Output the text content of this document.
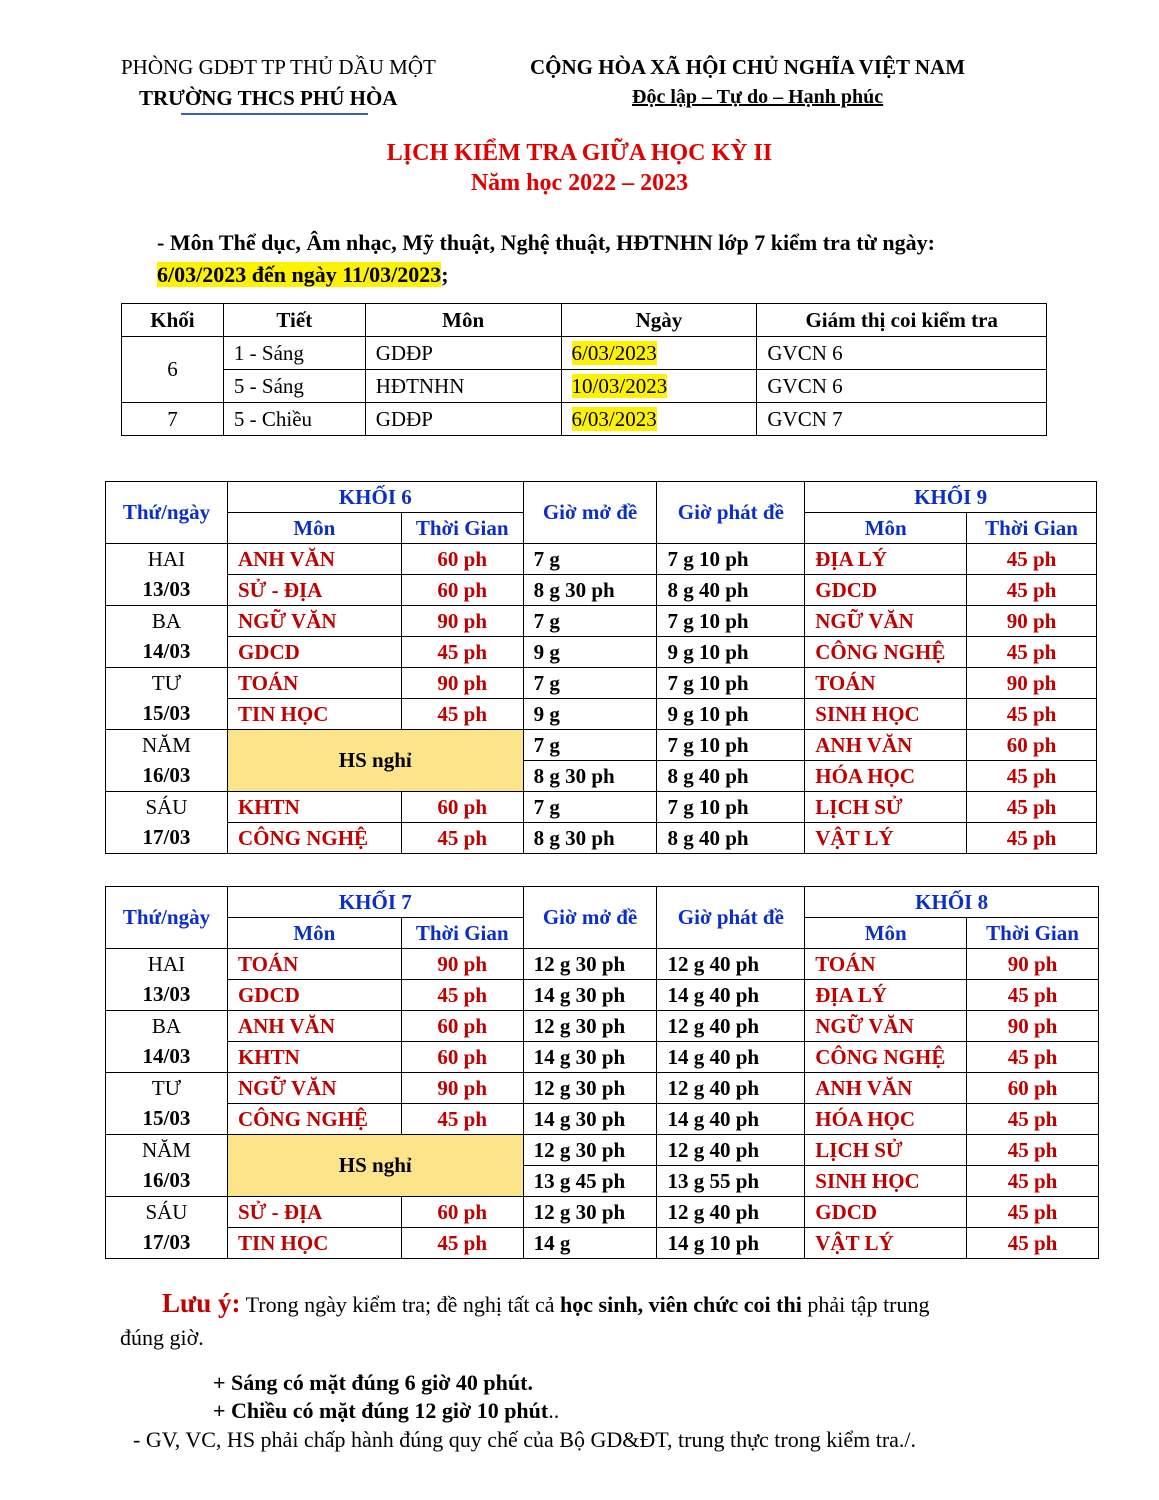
PHÒNG GDĐT TP THỦ DẦU MỘT
TRƯỜNG THCS PHÚ HÒA
CỘNG HÒA XÃ HỘI CHỦ NGHĨA VIỆT NAM
Độc lập – Tự do – Hạnh phúc
LỊCH KIỂM TRA GIỮA HỌC KỲ II
Năm học 2022 – 2023
- Môn Thể dục, Âm nhạc, Mỹ thuật, Nghệ thuật, HĐTNHN lớp 7 kiểm tra từ ngày:
6/03/2023 đến ngày 11/03/2023;
Khối	Tiết	Môn	Ngày	Giám thị coi kiểm tra
6	1 - Sáng	GDĐP	6/03/2023	GVCN 6
	5 - Sáng	HĐTNHN	10/03/2023	GVCN 6
7	5 - Chiều	GDĐP	6/03/2023	GVCN 7
Thứ/ngày	KHỐI 6		Giờ mở đề	Giờ phát đề	KHỐI 9	
	Môn	Thời Gian			Môn	Thời Gian
HAI	ANH VĂN	60 ph	7 g	7 g 10 ph	ĐỊA LÝ	45 ph
13/03	SỬ - ĐỊA	60 ph	8 g 30 ph	8 g 40 ph	GDCD	45 ph
BA	NGỮ VĂN	90 ph	7 g	7 g 10 ph	NGỮ VĂN	90 ph
14/03	GDCD	45 ph	9 g	9 g 10 ph	CÔNG NGHỆ	45 ph
TƯ	TOÁN	90 ph	7 g	7 g 10 ph	TOÁN	90 ph
15/03	TIN HỌC	45 ph	9 g	9 g 10 ph	SINH HỌC	45 ph
NĂM	HS nghỉ		7 g	7 g 10 ph	ANH VĂN	60 ph
16/03			8 g 30 ph	8 g 40 ph	HÓA HỌC	45 ph
SÁU	KHTN	60 ph	7 g	7 g 10 ph	LỊCH SỬ	45 ph
17/03	CÔNG NGHỆ	45 ph	8 g 30 ph	8 g 40 ph	VẬT LÝ	45 ph
Thứ/ngày	KHỐI 7		Giờ mở đề	Giờ phát đề	KHỐI 8	
	Môn	Thời Gian			Môn	Thời Gian
HAI	TOÁN	90 ph	12 g 30 ph	12 g 40 ph	TOÁN	90 ph
13/03	GDCD	45 ph	14 g 30 ph	14 g 40 ph	ĐỊA LÝ	45 ph
BA	ANH VĂN	60 ph	12 g 30 ph	12 g 40 ph	NGỮ VĂN	90 ph
14/03	KHTN	60 ph	14 g 30 ph	14 g 40 ph	CÔNG NGHỆ	45 ph
TƯ	NGỮ VĂN	90 ph	12 g 30 ph	12 g 40 ph	ANH VĂN	60 ph
15/03	CÔNG NGHỆ	45 ph	14 g 30 ph	14 g 40 ph	HÓA HỌC	45 ph
NĂM	HS nghỉ		12 g 30 ph	12 g 40 ph	LỊCH SỬ	45 ph
16/03			13 g 45 ph	13 g 55 ph	SINH HỌC	45 ph
SÁU	SỬ - ĐỊA	60 ph	12 g 30 ph	12 g 40 ph	GDCD	45 ph
17/03	TIN HỌC	45 ph	14 g	14 g 10 ph	VẬT LÝ	45 ph
Lưu ý: Trong ngày kiểm tra; đề nghị tất cả học sinh, viên chức coi thi phải tập trung
đúng giờ.
+ Sáng có mặt đúng 6 giờ 40 phút.
+ Chiều có mặt đúng 12 giờ 10 phút..
- GV, VC, HS phải chấp hành đúng quy chế của Bộ GD&ĐT, trung thực trong kiểm tra./.
